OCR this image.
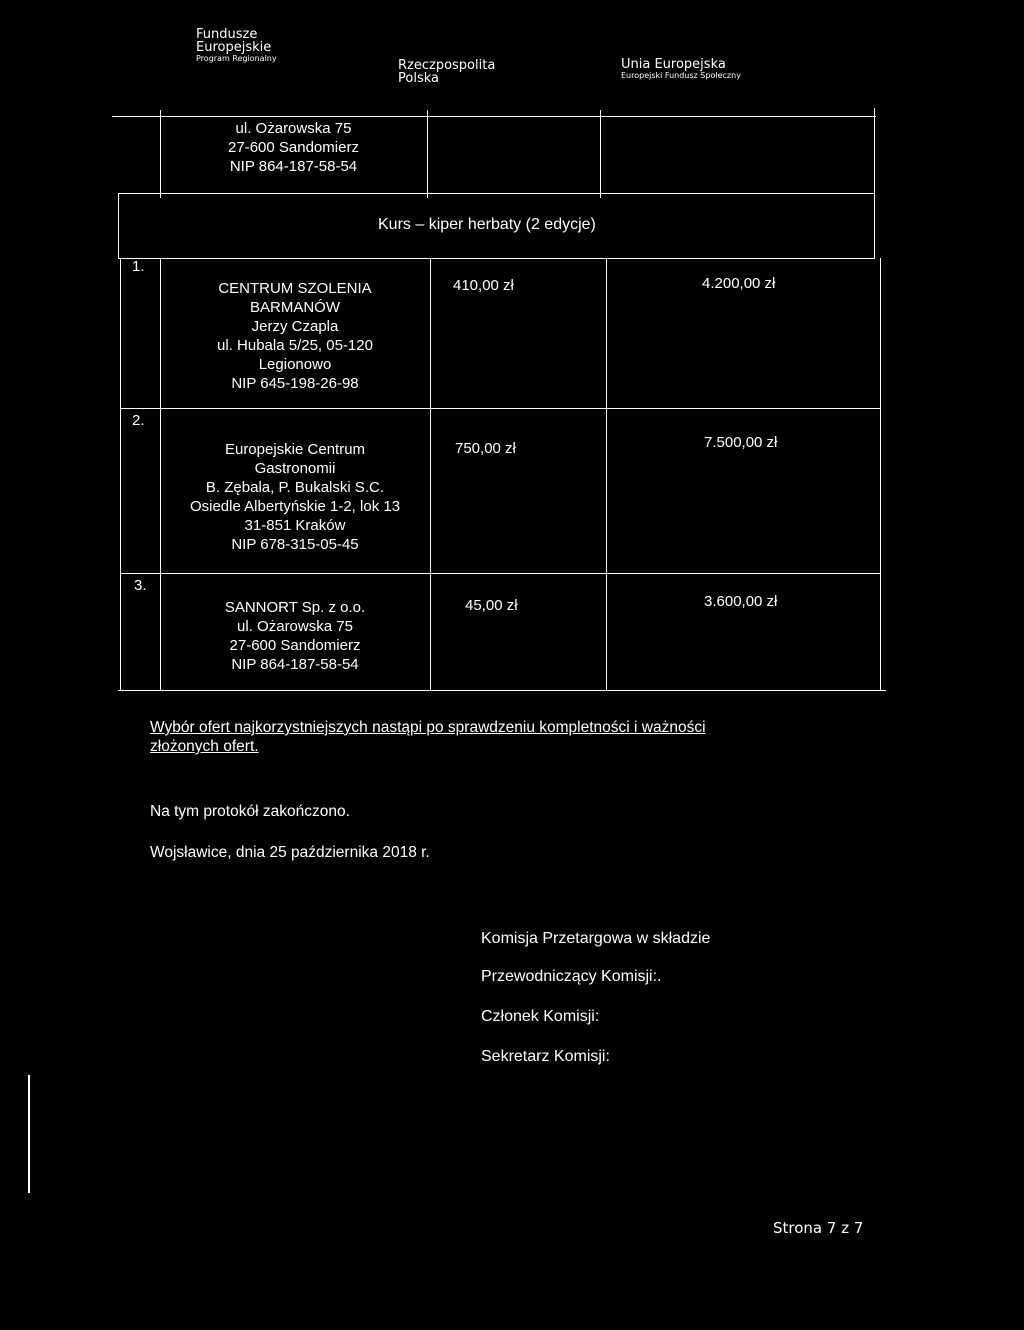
Fundusze
Europejskie
Program Regionalny	Rzeczpospolita
Polska
Unia Europejska
Europejski Fundusz Społeczny
ul. Ożarowska 75
27-600 Sandomierz
NIP 864-187-58-54
Kurs – kiper herbaty (2 edycje)
1.
CENTRUM SZOLENIA
BARMANÓW
Jerzy Czapla
ul. Hubala 5/25, 05-120
Legionowo
NIP 645-198-26-98
410,00 zł	4.200,00 zł
2.
Europejskie Centrum
Gastronomii
B. Zębala, P. Bukalski S.C.
Osiedle Albertyńskie 1-2, lok 13
31-851 Kraków
NIP 678-315-05-45
750,00 zł	7.500,00 zł
3.
SANNORT Sp. z o.o.
ul. Ożarowska 75
27-600 Sandomierz
NIP 864-187-58-54
45,00 zł	3.600,00 zł
Wybór ofert najkorzystniejszych nastąpi po sprawdzeniu kompletności i ważności
złożonych ofert.
Na tym protokół zakończono.
Wojsławice, dnia 25 października 2018 r.
Komisja Przetargowa w składzie
Przewodniczący Komisji:.
Członek Komisji:
Sekretarz Komisji:
Strona 7 z 7
